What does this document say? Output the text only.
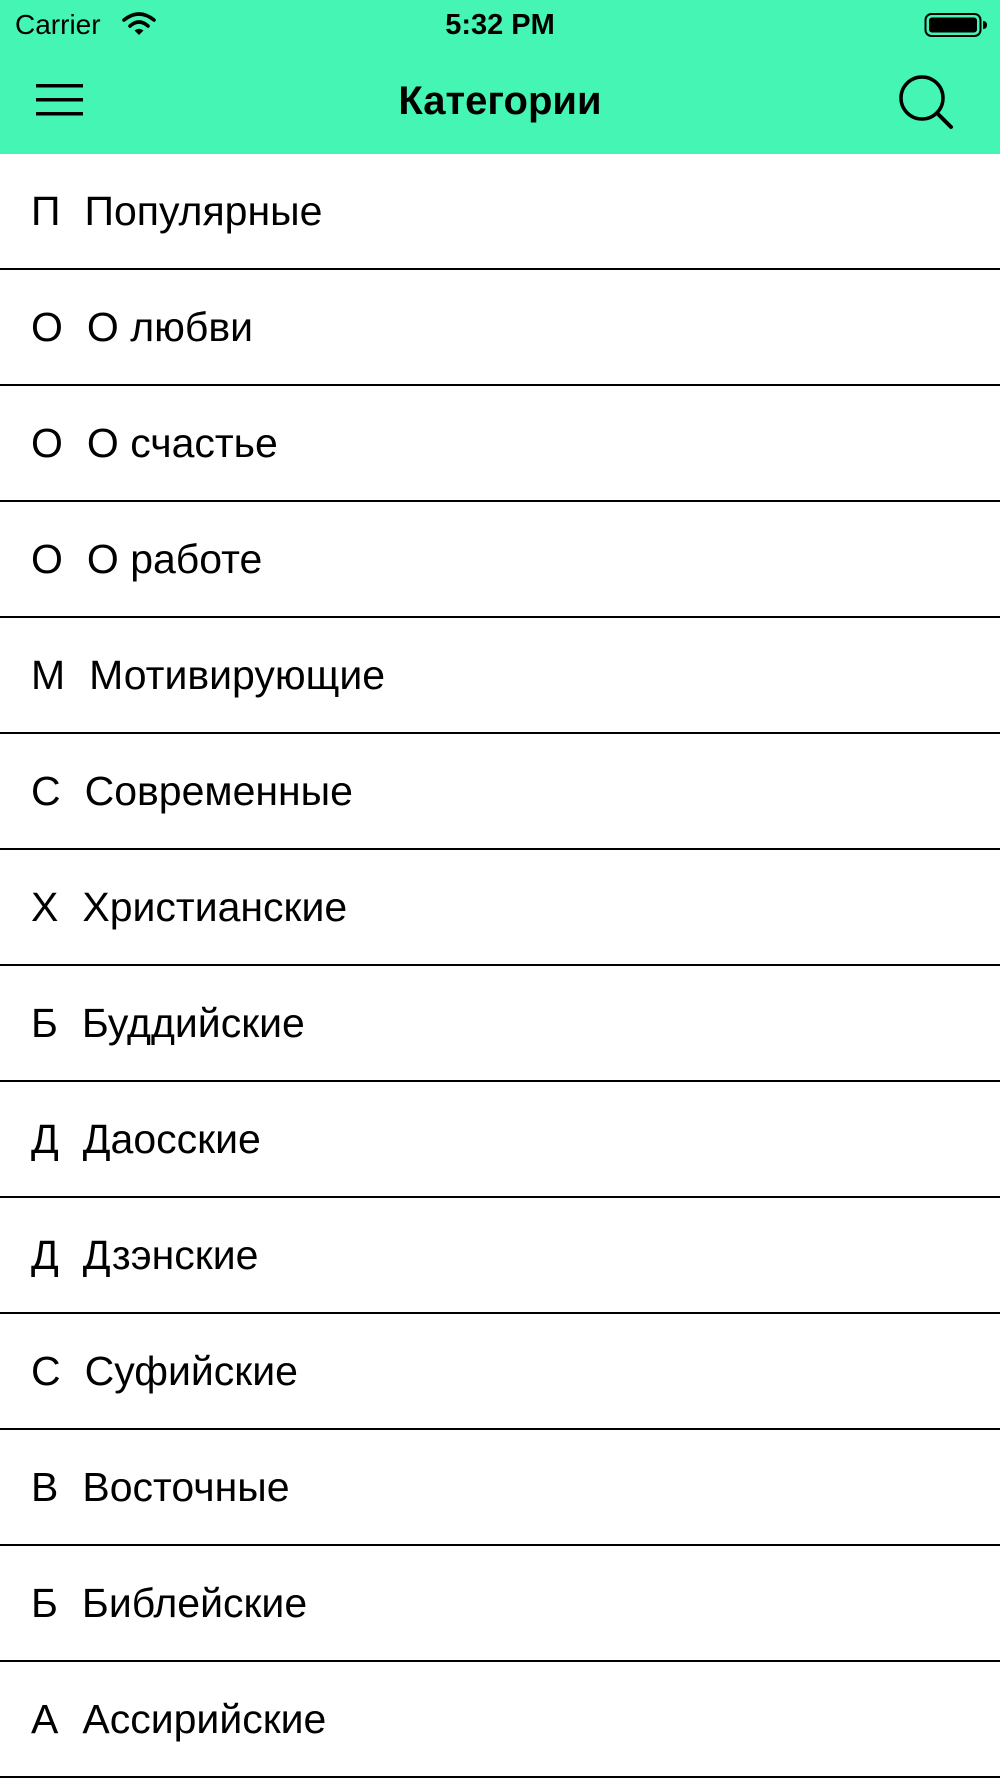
Carrier	5:32 PM
Категории
П Популярные
О О любви
О О счастье
О О работе
М Мотивирующие
С Современные
Х Христианские
Б Буддийские
Д Даосские
Д Дзэнские
С Суфийские
В Восточные
Б Библейские
А Ассирийские
